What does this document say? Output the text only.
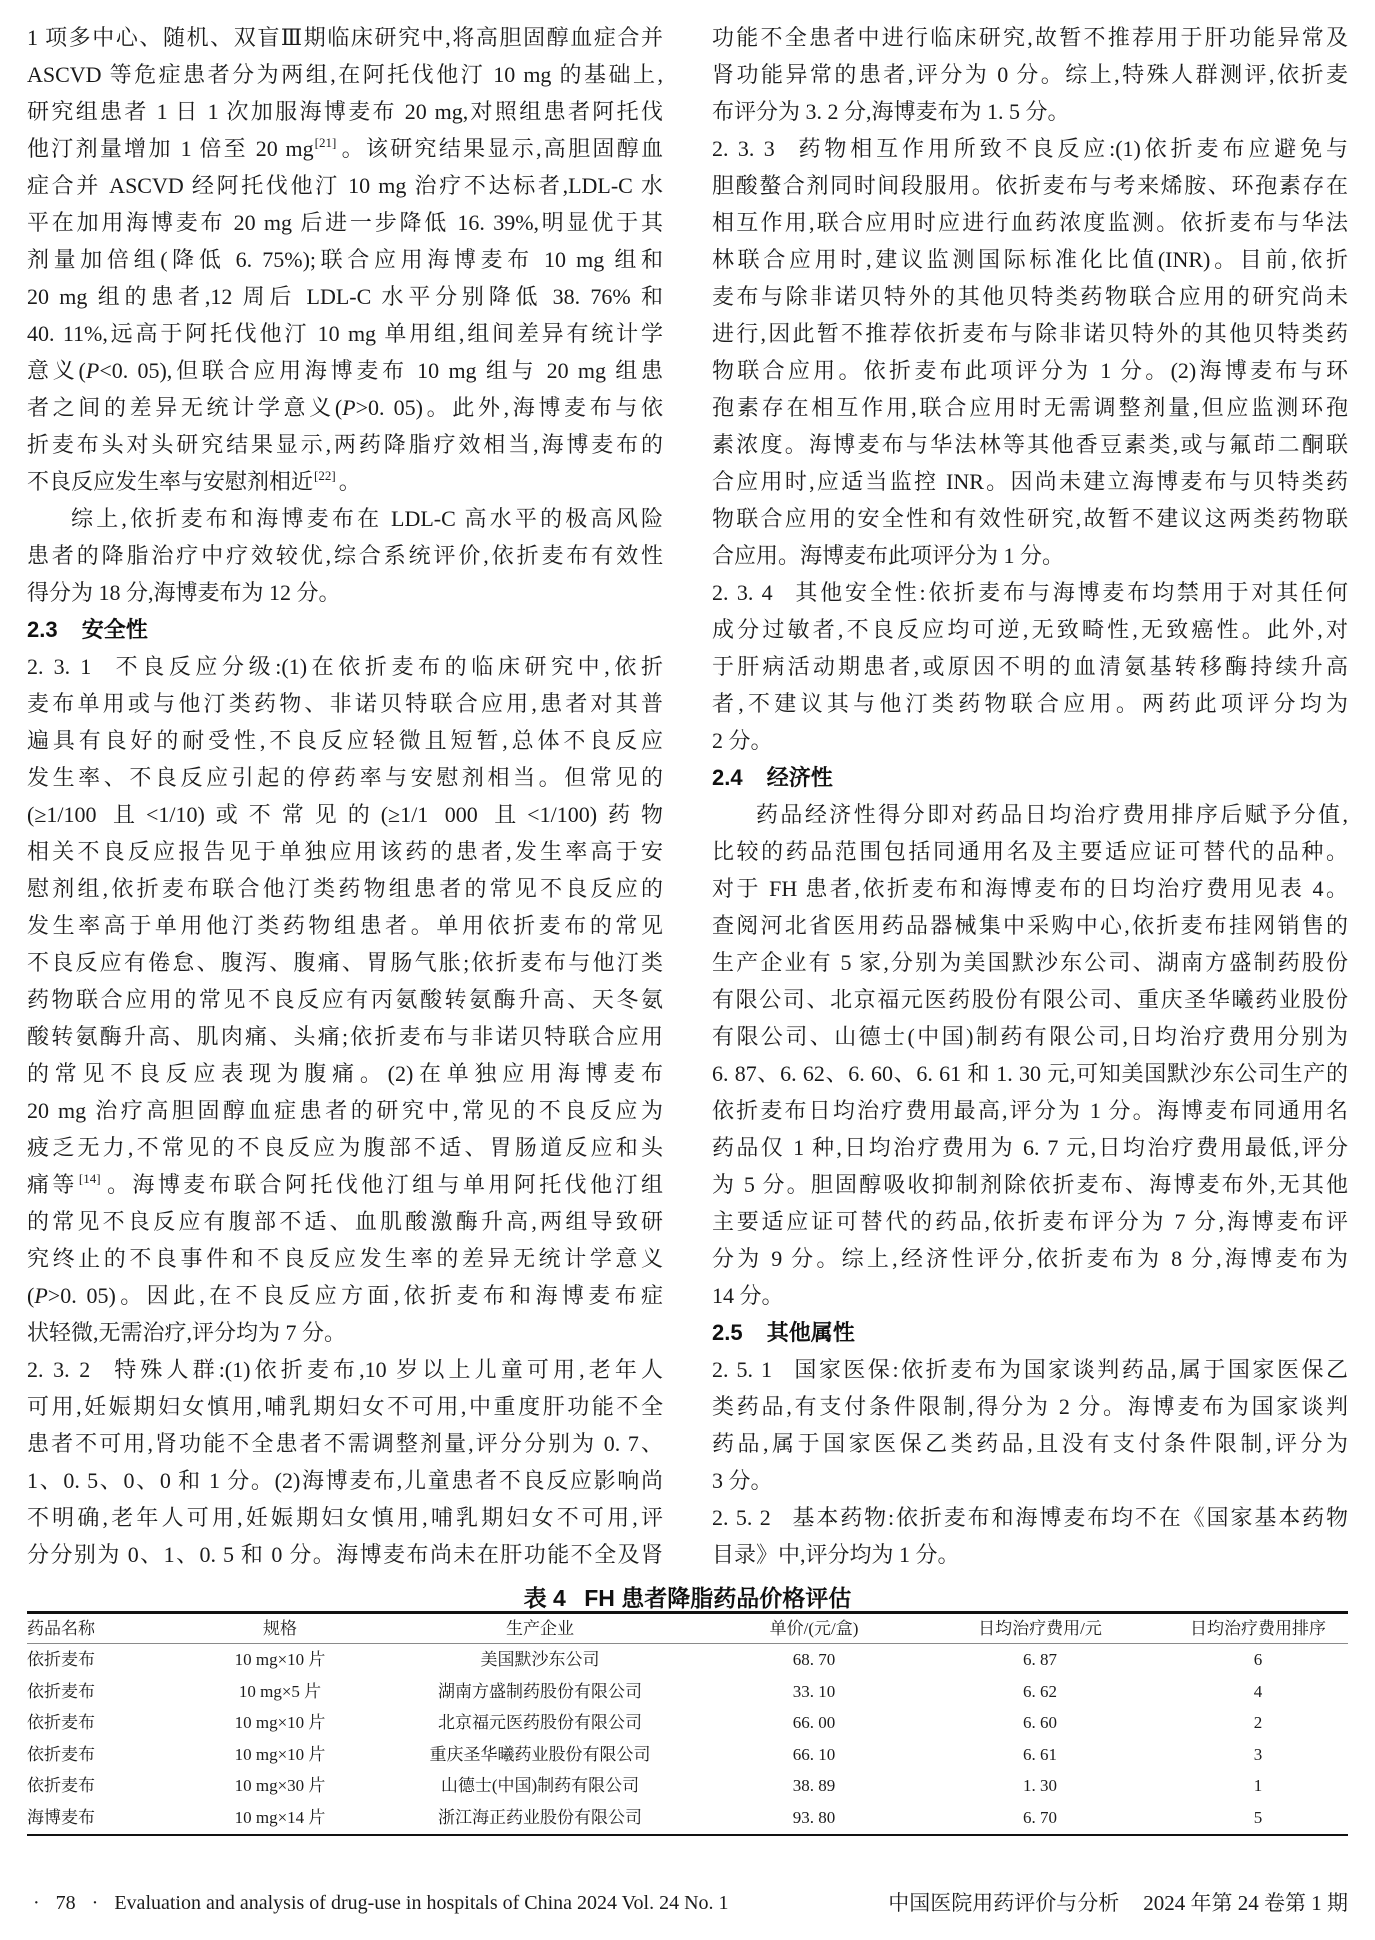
1 项多中心、随机、双盲Ⅲ期临床研究中,将高胆固醇血症合并
ASCVD 等危症患者分为两组,在阿托伐他汀 10 mg 的基础上,
研究组患者 1 日 1 次加服海博麦布 20 mg,对照组患者阿托伐
他汀剂量增加 1 倍至 20 mg[21] 。该研究结果显示,高胆固醇血
症合并 ASCVD 经阿托伐他汀 10 mg 治疗不达标者,LDL-C 水
平在加用海博麦布 20 mg 后进一步降低 16. 39%,明显优于其
剂量加倍组(降低 6. 75%);联合应用海博麦布 10 mg 组和
20 mg 组的患者,12 周后 LDL-C 水平分别降低 38. 76% 和
40. 11%,远高于阿托伐他汀 10 mg 单用组,组间差异有统计学
意义(P<0. 05),但联合应用海博麦布 10 mg 组与 20 mg 组患
者之间的差异无统计学意义(P>0. 05)。此外,海博麦布与依
折麦布头对头研究结果显示,两药降脂疗效相当,海博麦布的
不良反应发生率与安慰剂相近[22] 。
综上,依折麦布和海博麦布在 LDL-C 高水平的极高风险
患者的降脂治疗中疗效较优,综合系统评价,依折麦布有效性
得分为 18 分,海博麦布为 12 分。
2.3 安全性
2. 3. 1 不良反应分级:(1)在依折麦布的临床研究中,依折
麦布单用或与他汀类药物、非诺贝特联合应用,患者对其普
遍具有良好的耐受性,不良反应轻微且短暂,总体不良反应
发生率、不良反应引起的停药率与安慰剂相当。但常见的
(≥1/100 且<1/10)或不常见的(≥1/1 000 且<1/100)药物
相关不良反应报告见于单独应用该药的患者,发生率高于安
慰剂组,依折麦布联合他汀类药物组患者的常见不良反应的
发生率高于单用他汀类药物组患者。单用依折麦布的常见
不良反应有倦怠、腹泻、腹痛、胃肠气胀;依折麦布与他汀类
药物联合应用的常见不良反应有丙氨酸转氨酶升高、天冬氨
酸转氨酶升高、肌肉痛、头痛;依折麦布与非诺贝特联合应用
的常见不良反应表现为腹痛。(2)在单独应用海博麦布
20 mg 治疗高胆固醇血症患者的研究中,常见的不良反应为
疲乏无力,不常见的不良反应为腹部不适、胃肠道反应和头
痛等[14] 。海博麦布联合阿托伐他汀组与单用阿托伐他汀组
的常见不良反应有腹部不适、血肌酸激酶升高,两组导致研
究终止的不良事件和不良反应发生率的差异无统计学意义
(P>0. 05)。因此,在不良反应方面,依折麦布和海博麦布症
状轻微,无需治疗,评分均为 7 分。
2. 3. 2 特殊人群:(1)依折麦布,10 岁以上儿童可用,老年人
可用,妊娠期妇女慎用,哺乳期妇女不可用,中重度肝功能不全
患者不可用,肾功能不全患者不需调整剂量,评分分别为 0. 7、
1、0. 5、0、0 和 1 分。(2)海博麦布,儿童患者不良反应影响尚
不明确,老年人可用,妊娠期妇女慎用,哺乳期妇女不可用,评
分分别为 0、1、0. 5 和 0 分。海博麦布尚未在肝功能不全及肾
功能不全患者中进行临床研究,故暂不推荐用于肝功能异常及
肾功能异常的患者,评分为 0 分。综上,特殊人群测评,依折麦
布评分为 3. 2 分,海博麦布为 1. 5 分。
2. 3. 3 药物相互作用所致不良反应:(1)依折麦布应避免与
胆酸螯合剂同时间段服用。依折麦布与考来烯胺、环孢素存在
相互作用,联合应用时应进行血药浓度监测。依折麦布与华法
林联合应用时,建议监测国际标准化比值(INR)。目前,依折
麦布与除非诺贝特外的其他贝特类药物联合应用的研究尚未
进行,因此暂不推荐依折麦布与除非诺贝特外的其他贝特类药
物联合应用。依折麦布此项评分为 1 分。(2)海博麦布与环
孢素存在相互作用,联合应用时无需调整剂量,但应监测环孢
素浓度。海博麦布与华法林等其他香豆素类,或与氟茚二酮联
合应用时,应适当监控 INR。因尚未建立海博麦布与贝特类药
物联合应用的安全性和有效性研究,故暂不建议这两类药物联
合应用。海博麦布此项评分为 1 分。
2. 3. 4 其他安全性:依折麦布与海博麦布均禁用于对其任何
成分过敏者,不良反应均可逆,无致畸性,无致癌性。此外,对
于肝病活动期患者,或原因不明的血清氨基转移酶持续升高
者,不建议其与他汀类药物联合应用。两药此项评分均为
2 分。
2.4 经济性
药品经济性得分即对药品日均治疗费用排序后赋予分值,
比较的药品范围包括同通用名及主要适应证可替代的品种。
对于 FH 患者,依折麦布和海博麦布的日均治疗费用见表 4。
查阅河北省医用药品器械集中采购中心,依折麦布挂网销售的
生产企业有 5 家,分别为美国默沙东公司、湖南方盛制药股份
有限公司、北京福元医药股份有限公司、重庆圣华曦药业股份
有限公司、山德士(中国)制药有限公司,日均治疗费用分别为
6. 87、6. 62、6. 60、6. 61 和 1. 30 元,可知美国默沙东公司生产的
依折麦布日均治疗费用最高,评分为 1 分。海博麦布同通用名
药品仅 1 种,日均治疗费用为 6. 7 元,日均治疗费用最低,评分
为 5 分。胆固醇吸收抑制剂除依折麦布、海博麦布外,无其他
主要适应证可替代的药品,依折麦布评分为 7 分,海博麦布评
分为 9 分。综上,经济性评分,依折麦布为 8 分,海博麦布为
14 分。
2.5 其他属性
2. 5. 1 国家医保:依折麦布为国家谈判药品,属于国家医保乙
类药品,有支付条件限制,得分为 2 分。海博麦布为国家谈判
药品,属于国家医保乙类药品,且没有支付条件限制,评分为
3 分。
2. 5. 2 基本药物:依折麦布和海博麦布均不在《国家基本药物
目录》中,评分均为 1 分。
表 4 FH 患者降脂药品价格评估
药品名称	规格	生产企业	单价/(元/盒)	日均治疗费用/元	日均治疗费用排序
依折麦布	10 mg×10 片	美国默沙东公司	68. 70	6. 87	6
依折麦布	10 mg×5 片	湖南方盛制药股份有限公司	33. 10	6. 62	4
依折麦布	10 mg×10 片	北京福元医药股份有限公司	66. 00	6. 60	2
依折麦布	10 mg×10 片	重庆圣华曦药业股份有限公司	66. 10	6. 61	3
依折麦布	10 mg×30 片	山德士(中国)制药有限公司	38. 89	1. 30	1
海博麦布	10 mg×14 片	浙江海正药业股份有限公司	93. 80	6. 70	5
· 78 · Evaluation and analysis of drug-use in hospitals of China 2024 Vol. 24 No. 1	中国医院用药评价与分析 2024 年第 24 卷第 1 期
